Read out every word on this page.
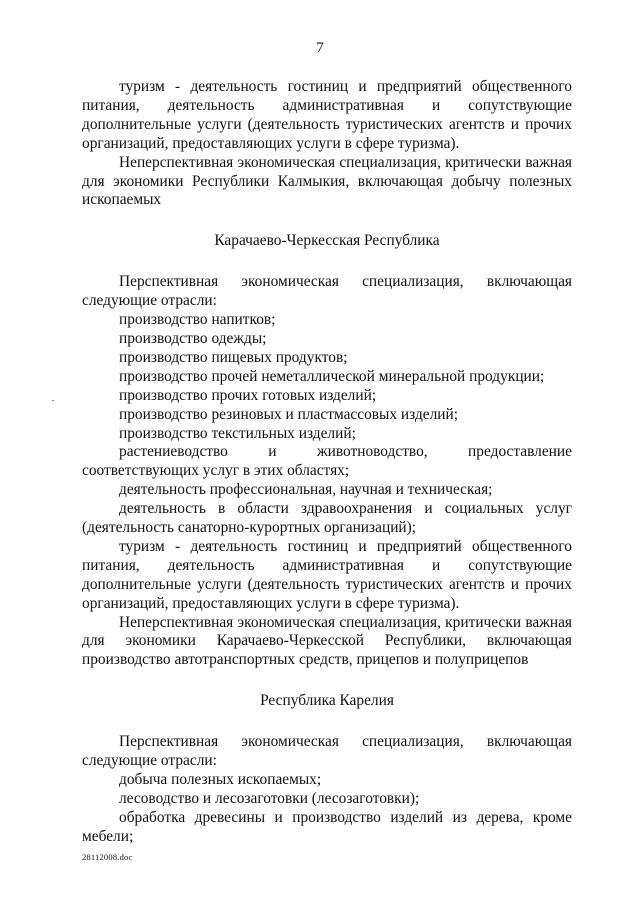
7

туризм - деятельность гостиниц и предприятий общественного питания, деятельность административная и сопутствующие дополнительные услуги (деятельность туристических агентств и прочих организаций, предоставляющих услуги в сфере туризма).

Неперспективная экономическая специализация, критически важная для экономики Республики Калмыкия, включающая добычу полезных ископаемых

Карачаево-Черкесская Республика

Перспективная экономическая специализация, включающая следующие отрасли:

производство напитков;

производство одежды;

производство пищевых продуктов;

производство прочей неметаллической минеральной продукции;

производство прочих готовых изделий;

производство резиновых и пластмассовых изделий;

производство текстильных изделий;

растениеводство и животноводство, предоставление соответствующих услуг в этих областях;

деятельность профессиональная, научная и техническая;

деятельность в области здравоохранения и социальных услуг (деятельность санаторно-курортных организаций);

туризм - деятельность гостиниц и предприятий общественного питания, деятельность административная и сопутствующие дополнительные услуги (деятельность туристических агентств и прочих организаций, предоставляющих услуги в сфере туризма).

Неперспективная экономическая специализация, критически важная для экономики Карачаево-Черкесской Республики, включающая производство автотранспортных средств, прицепов и полуприцепов

Республика Карелия

Перспективная экономическая специализация, включающая следующие отрасли:

добыча полезных ископаемых;

лесоводство и лесозаготовки (лесозаготовки);

обработка древесины и производство изделий из дерева, кроме мебели;

28112008.doc
